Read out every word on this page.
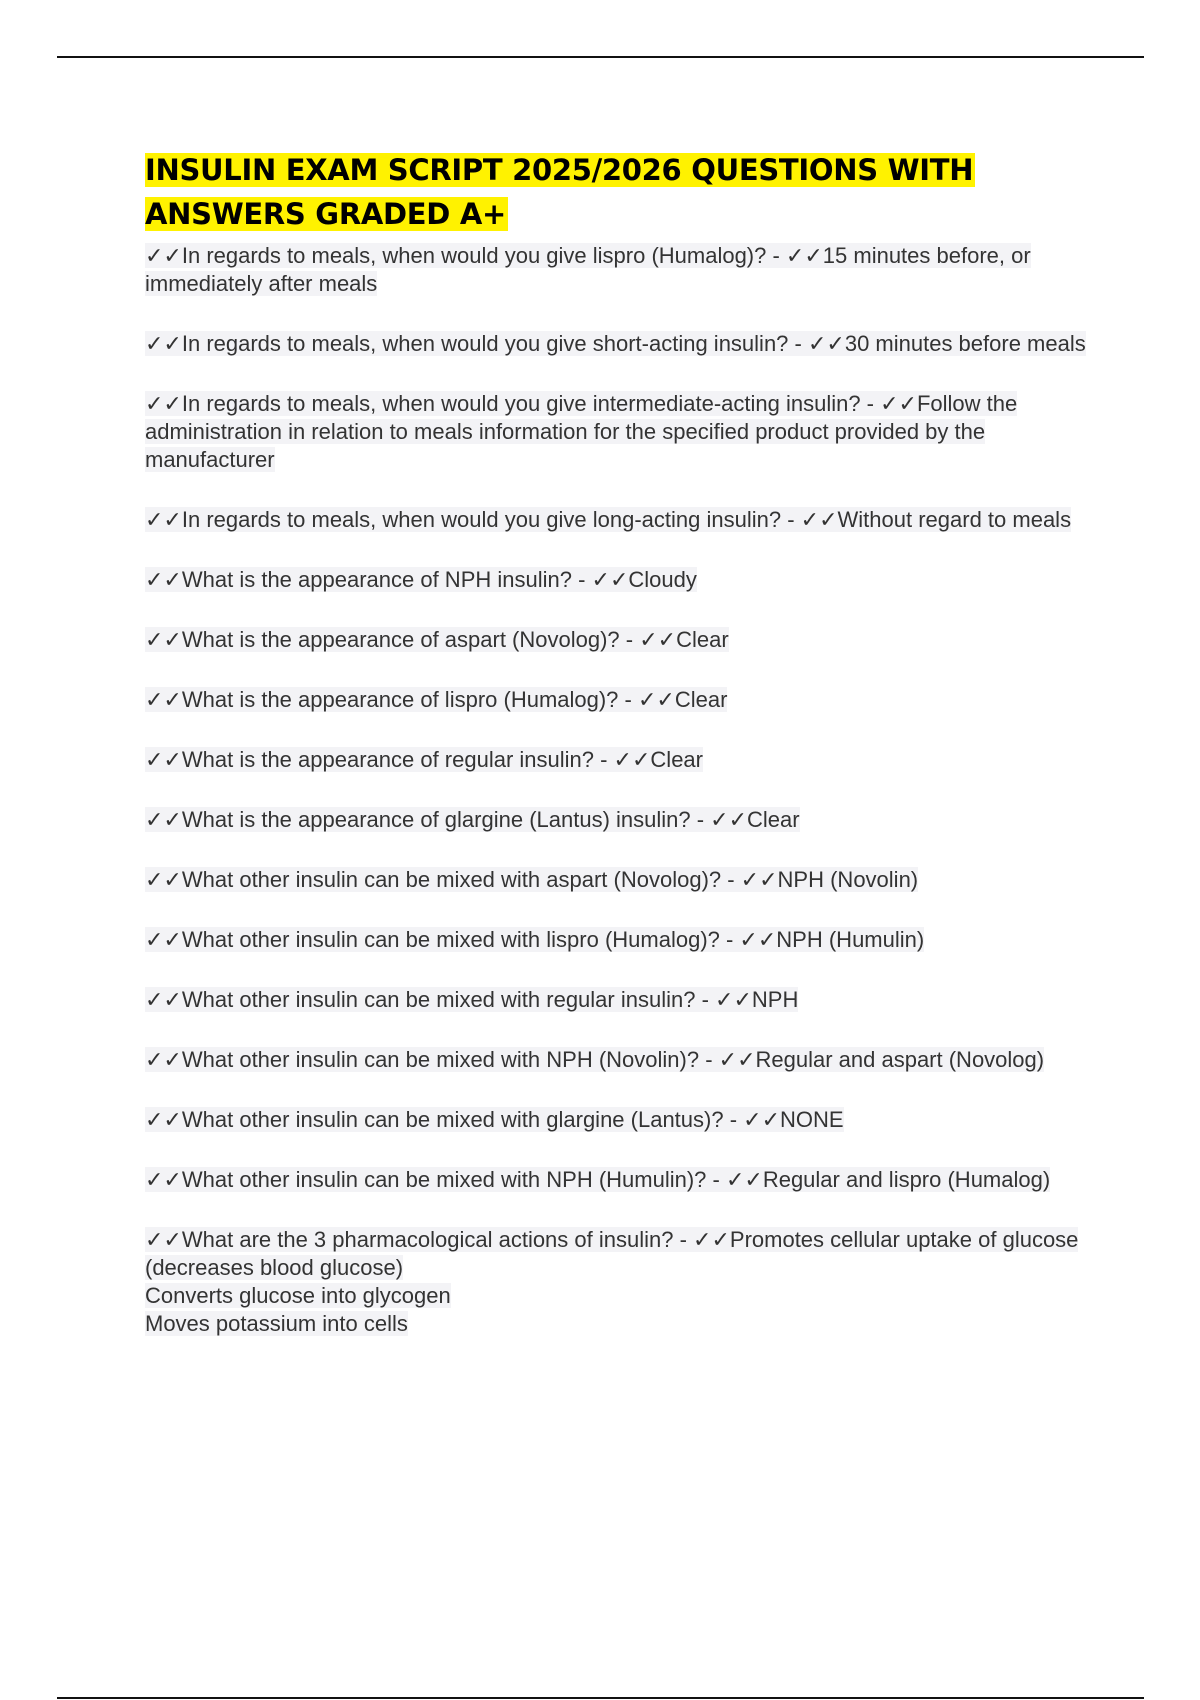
INSULIN EXAM SCRIPT 2025/2026 QUESTIONS WITH ANSWERS GRADED A+
✓✓In regards to meals, when would you give lispro (Humalog)? - ✓✓15 minutes before, or immediately after meals
✓✓In regards to meals, when would you give short-acting insulin? - ✓✓30 minutes before meals
✓✓In regards to meals, when would you give intermediate-acting insulin? - ✓✓Follow the administration in relation to meals information for the specified product provided by the manufacturer
✓✓In regards to meals, when would you give long-acting insulin? - ✓✓Without regard to meals
✓✓What is the appearance of NPH insulin? - ✓✓Cloudy
✓✓What is the appearance of aspart (Novolog)? - ✓✓Clear
✓✓What is the appearance of lispro (Humalog)? - ✓✓Clear
✓✓What is the appearance of regular insulin? - ✓✓Clear
✓✓What is the appearance of glargine (Lantus) insulin? - ✓✓Clear
✓✓What other insulin can be mixed with aspart (Novolog)? - ✓✓NPH (Novolin)
✓✓What other insulin can be mixed with lispro (Humalog)? - ✓✓NPH (Humulin)
✓✓What other insulin can be mixed with regular insulin? - ✓✓NPH
✓✓What other insulin can be mixed with NPH (Novolin)? - ✓✓Regular and aspart (Novolog)
✓✓What other insulin can be mixed with glargine (Lantus)? - ✓✓NONE
✓✓What other insulin can be mixed with NPH (Humulin)? - ✓✓Regular and lispro (Humalog)
✓✓What are the 3 pharmacological actions of insulin? - ✓✓Promotes cellular uptake of glucose (decreases blood glucose)
Converts glucose into glycogen
Moves potassium into cells
